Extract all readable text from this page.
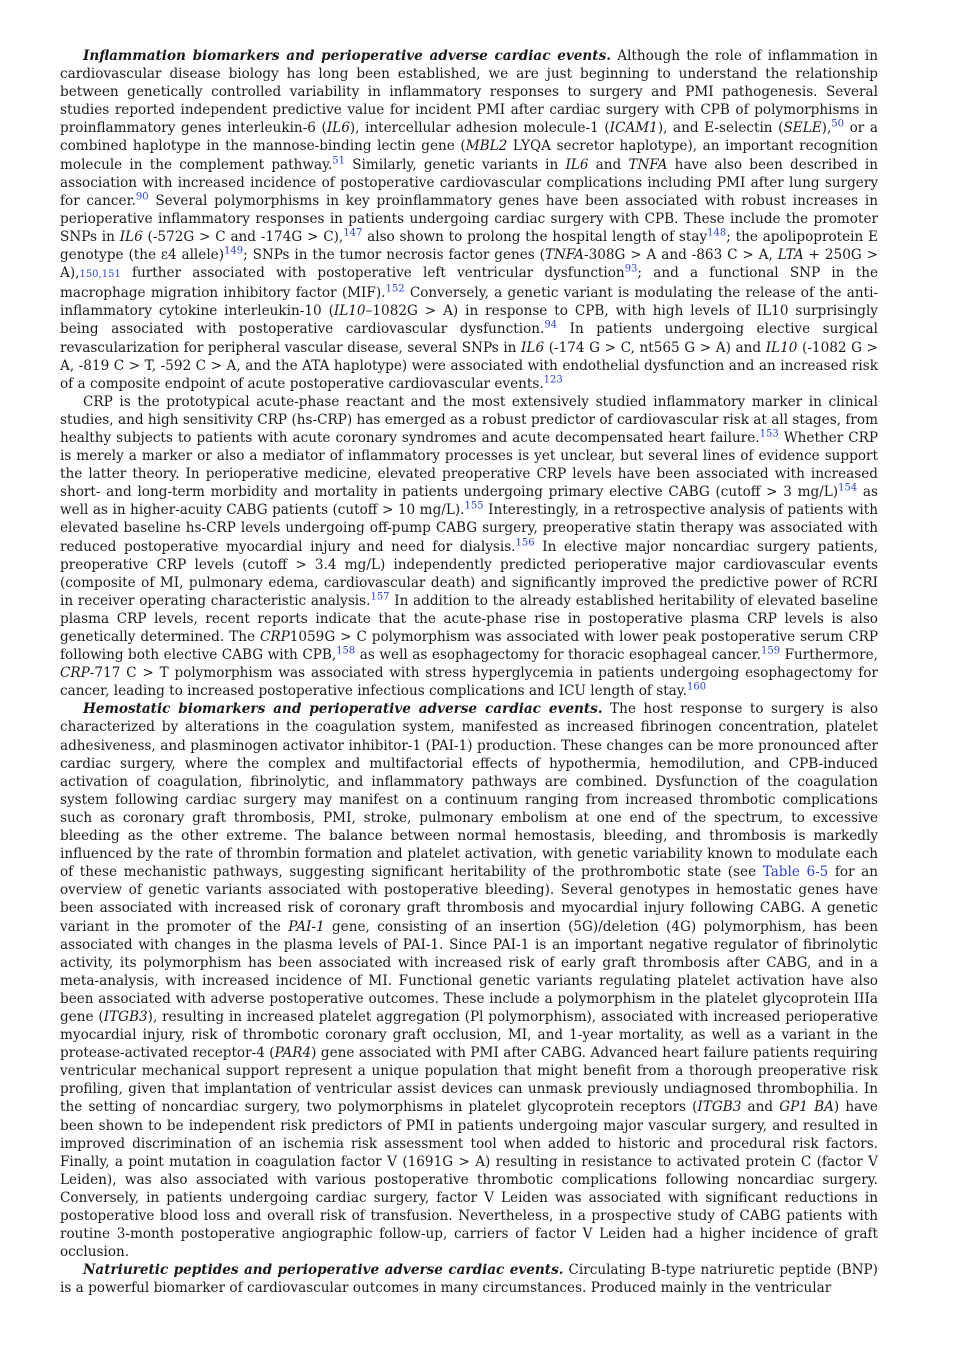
Inflammation biomarkers and perioperative adverse cardiac events. Although the role of inflammation in cardiovascular disease biology has long been established, we are just beginning to understand the relationship between genetically controlled variability in inflammatory responses to surgery and PMI pathogenesis. Several studies reported independent predictive value for incident PMI after cardiac surgery with CPB of polymorphisms in proinflammatory genes interleukin-6 (IL6), intercellular adhesion molecule-1 (ICAM1), and E-selectin (SELE),$^{50}$ or a combined haplotype in the mannose-binding lectin gene (MBL2 LYQA secretor haplotype), an important recognition molecule in the complement pathway.$^{51}$ Similarly, genetic variants in IL6 and TNFA have also been described in association with increased incidence of postoperative cardiovascular complications including PMI after lung surgery for cancer.$^{90}$ Several polymorphisms in key proinflammatory genes have been associated with robust increases in perioperative inflammatory responses in patients undergoing cardiac surgery with CPB. These include the promoter SNPs in IL6 (-572G > C and -174G > C),$^{147}$ also shown to prolong the hospital length of stay$^{148}$; the apolipoprotein E genotype (the ε4 allele)$^{149}$; SNPs in the tumor necrosis factor genes (TNFA-308G > A and -863 C > A, LTA + 250G > A),150,151 further associated with postoperative left ventricular dysfunction$^{93}$; and a functional SNP in the macrophage migration inhibitory factor (MIF).$^{152}$ Conversely, a genetic variant is modulating the release of the anti-inflammatory cytokine interleukin-10 (IL10–1082G > A) in response to CPB, with high levels of IL10 surprisingly being associated with postoperative cardiovascular dysfunction.$^{94}$ In patients undergoing elective surgical revascularization for peripheral vascular disease, several SNPs in IL6 (-174 G > C, nt565 G > A) and IL10 (-1082 G > A, -819 C > T, -592 C > A, and the ATA haplotype) were associated with endothelial dysfunction and an increased risk of a composite endpoint of acute postoperative cardiovascular events.$^{123}$

CRP is the prototypical acute-phase reactant and the most extensively studied inflammatory marker in clinical studies, and high sensitivity CRP (hs-CRP) has emerged as a robust predictor of cardiovascular risk at all stages, from healthy subjects to patients with acute coronary syndromes and acute decompensated heart failure.$^{153}$ Whether CRP is merely a marker or also a mediator of inflammatory processes is yet unclear, but several lines of evidence support the latter theory. In perioperative medicine, elevated preoperative CRP levels have been associated with increased short- and long-term morbidity and mortality in patients undergoing primary elective CABG (cutoff > 3 mg/L)$^{154}$ as well as in higher-acuity CABG patients (cutoff > 10 mg/L).$^{155}$ Interestingly, in a retrospective analysis of patients with elevated baseline hs-CRP levels undergoing off-pump CABG surgery, preoperative statin therapy was associated with reduced postoperative myocardial injury and need for dialysis.$^{156}$ In elective major noncardiac surgery patients, preoperative CRP levels (cutoff > 3.4 mg/L) independently predicted perioperative major cardiovascular events (composite of MI, pulmonary edema, cardiovascular death) and significantly improved the predictive power of RCRI in receiver operating characteristic analysis.$^{157}$ In addition to the already established heritability of elevated baseline plasma CRP levels, recent reports indicate that the acute-phase rise in postoperative plasma CRP levels is also genetically determined. The CRP1059G > C polymorphism was associated with lower peak postoperative serum CRP following both elective CABG with CPB,$^{158}$ as well as esophagectomy for thoracic esophageal cancer.$^{159}$ Furthermore, CRP-717 C > T polymorphism was associated with stress hyperglycemia in patients undergoing esophagectomy for cancer, leading to increased postoperative infectious complications and ICU length of stay.$^{160}$

Hemostatic biomarkers and perioperative adverse cardiac events. The host response to surgery is also characterized by alterations in the coagulation system, manifested as increased fibrinogen concentration, platelet adhesiveness, and plasminogen activator inhibitor-1 (PAI-1) production. These changes can be more pronounced after cardiac surgery, where the complex and multifactorial effects of hypothermia, hemodilution, and CPB-induced activation of coagulation, fibrinolytic, and inflammatory pathways are combined. Dysfunction of the coagulation system following cardiac surgery may manifest on a continuum ranging from increased thrombotic complications such as coronary graft thrombosis, PMI, stroke, pulmonary embolism at one end of the spectrum, to excessive bleeding as the other extreme. The balance between normal hemostasis, bleeding, and thrombosis is markedly influenced by the rate of thrombin formation and platelet activation, with genetic variability known to modulate each of these mechanistic pathways, suggesting significant heritability of the prothrombotic state (see Table 6-5 for an overview of genetic variants associated with postoperative bleeding). Several genotypes in hemostatic genes have been associated with increased risk of coronary graft thrombosis and myocardial injury following CABG. A genetic variant in the promoter of the PAI-1 gene, consisting of an insertion (5G)/deletion (4G) polymorphism, has been associated with changes in the plasma levels of PAI-1. Since PAI-1 is an important negative regulator of fibrinolytic activity, its polymorphism has been associated with increased risk of early graft thrombosis after CABG, and in a meta-analysis, with increased incidence of MI. Functional genetic variants regulating platelet activation have also been associated with adverse postoperative outcomes. These include a polymorphism in the platelet glycoprotein IIIa gene (ITGB3), resulting in increased platelet aggregation (Pl polymorphism), associated with increased perioperative myocardial injury, risk of thrombotic coronary graft occlusion, MI, and 1-year mortality, as well as a variant in the protease-activated receptor-4 (PAR4) gene associated with PMI after CABG. Advanced heart failure patients requiring ventricular mechanical support represent a unique population that might benefit from a thorough preoperative risk profiling, given that implantation of ventricular assist devices can unmask previously undiagnosed thrombophilia. In the setting of noncardiac surgery, two polymorphisms in platelet glycoprotein receptors (ITGB3 and GP1 BA) have been shown to be independent risk predictors of PMI in patients undergoing major vascular surgery, and resulted in improved discrimination of an ischemia risk assessment tool when added to historic and procedural risk factors. Finally, a point mutation in coagulation factor V (1691G > A) resulting in resistance to activated protein C (factor V Leiden), was also associated with various postoperative thrombotic complications following noncardiac surgery. Conversely, in patients undergoing cardiac surgery, factor V Leiden was associated with significant reductions in postoperative blood loss and overall risk of transfusion. Nevertheless, in a prospective study of CABG patients with routine 3-month postoperative angiographic follow-up, carriers of factor V Leiden had a higher incidence of graft occlusion.

Natriuretic peptides and perioperative adverse cardiac events. Circulating B-type natriuretic peptide (BNP) is a powerful biomarker of cardiovascular outcomes in many circumstances. Produced mainly in the ventricular
